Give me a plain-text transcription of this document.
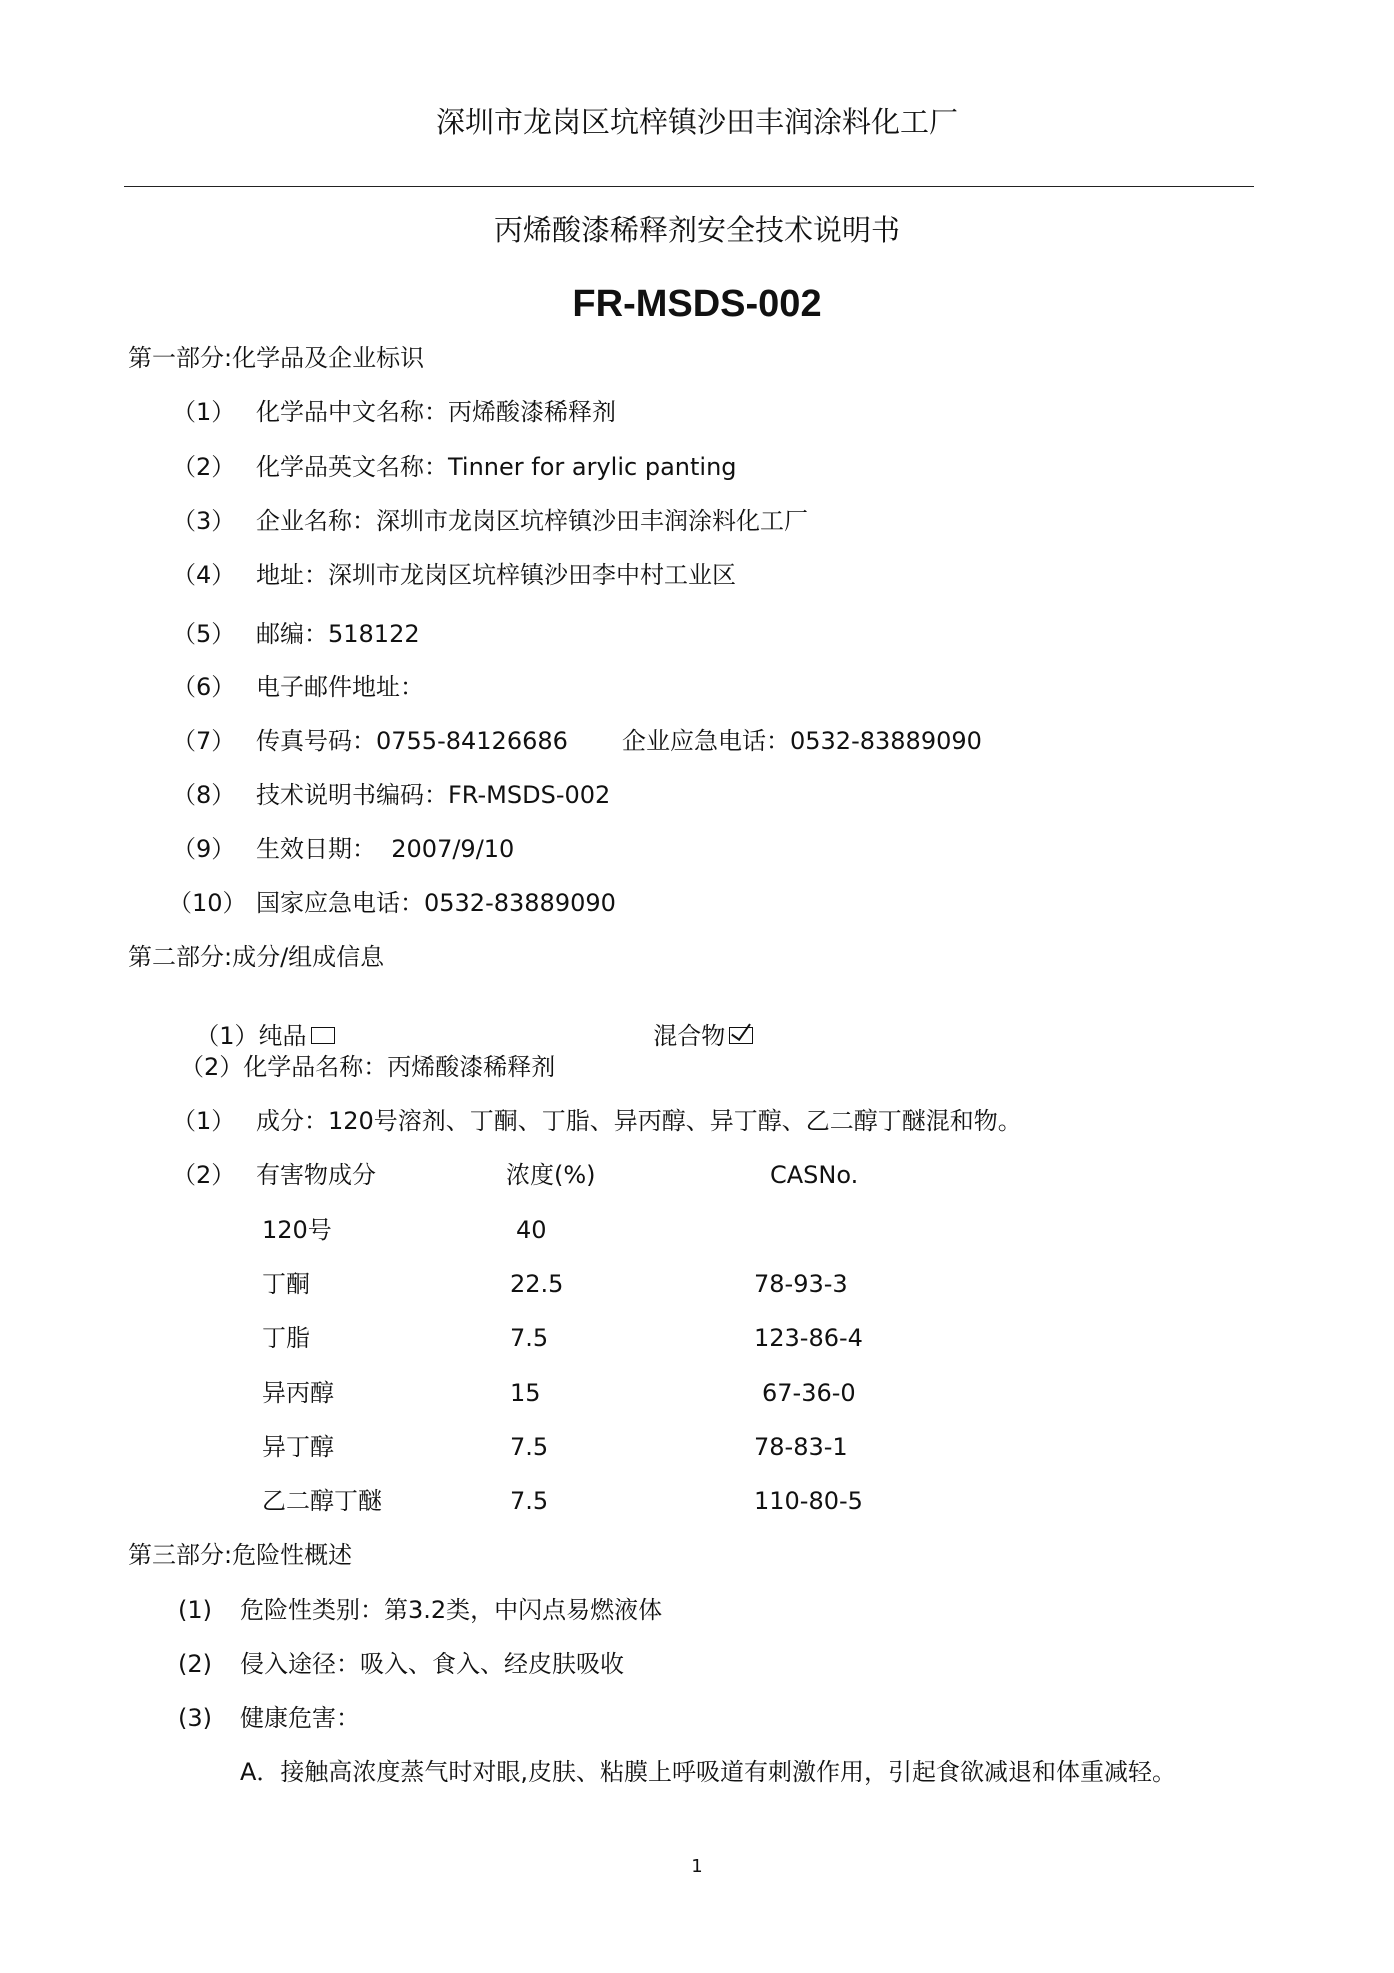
深圳市龙岗区坑梓镇沙田丰润涂料化工厂
丙烯酸漆稀释剂安全技术说明书
FR-MSDS-002
第一部分:化学品及企业标识
（1） 化学品中文名称：丙烯酸漆稀释剂
（2） 化学品英文名称：Tinner for arylic panting
（3） 企业名称：深圳市龙岗区坑梓镇沙田丰润涂料化工厂
（4） 地址：深圳市龙岗区坑梓镇沙田李中村工业区
（5） 邮编：518122
（6） 电子邮件地址：
（7） 传真号码：0755-84126686 企业应急电话：0532-83889090
（8） 技术说明书编码：FR-MSDS-002
（9） 生效日期：  2007/9/10
（10） 国家应急电话：0532-83889090
第二部分:成分/组成信息

（1）纯品	混合物

（2）化学品名称：丙烯酸漆稀释剂
（1） 成分：120号溶剂、丁酮、丁脂、异丙醇、异丁醇、乙二醇丁醚混和物。
（2） 有害物成分	浓度(%)	CASNo.
120号	40
丁酮	22.5	78-93-3
丁脂	7.5	123-86-4
异丙醇	15	67-36-0
异丁醇	7.5	78-83-1
乙二醇丁醚	7.5	110-80-5
第三部分:危险性概述
(1) 危险性类别：第3.2类，中闪点易燃液体
(2) 侵入途径：吸入、食入、经皮肤吸收
(3) 健康危害：
A．接触高浓度蒸气时对眼,皮肤、粘膜上呼吸道有刺激作用，引起食欲减退和体重减轻。
1
